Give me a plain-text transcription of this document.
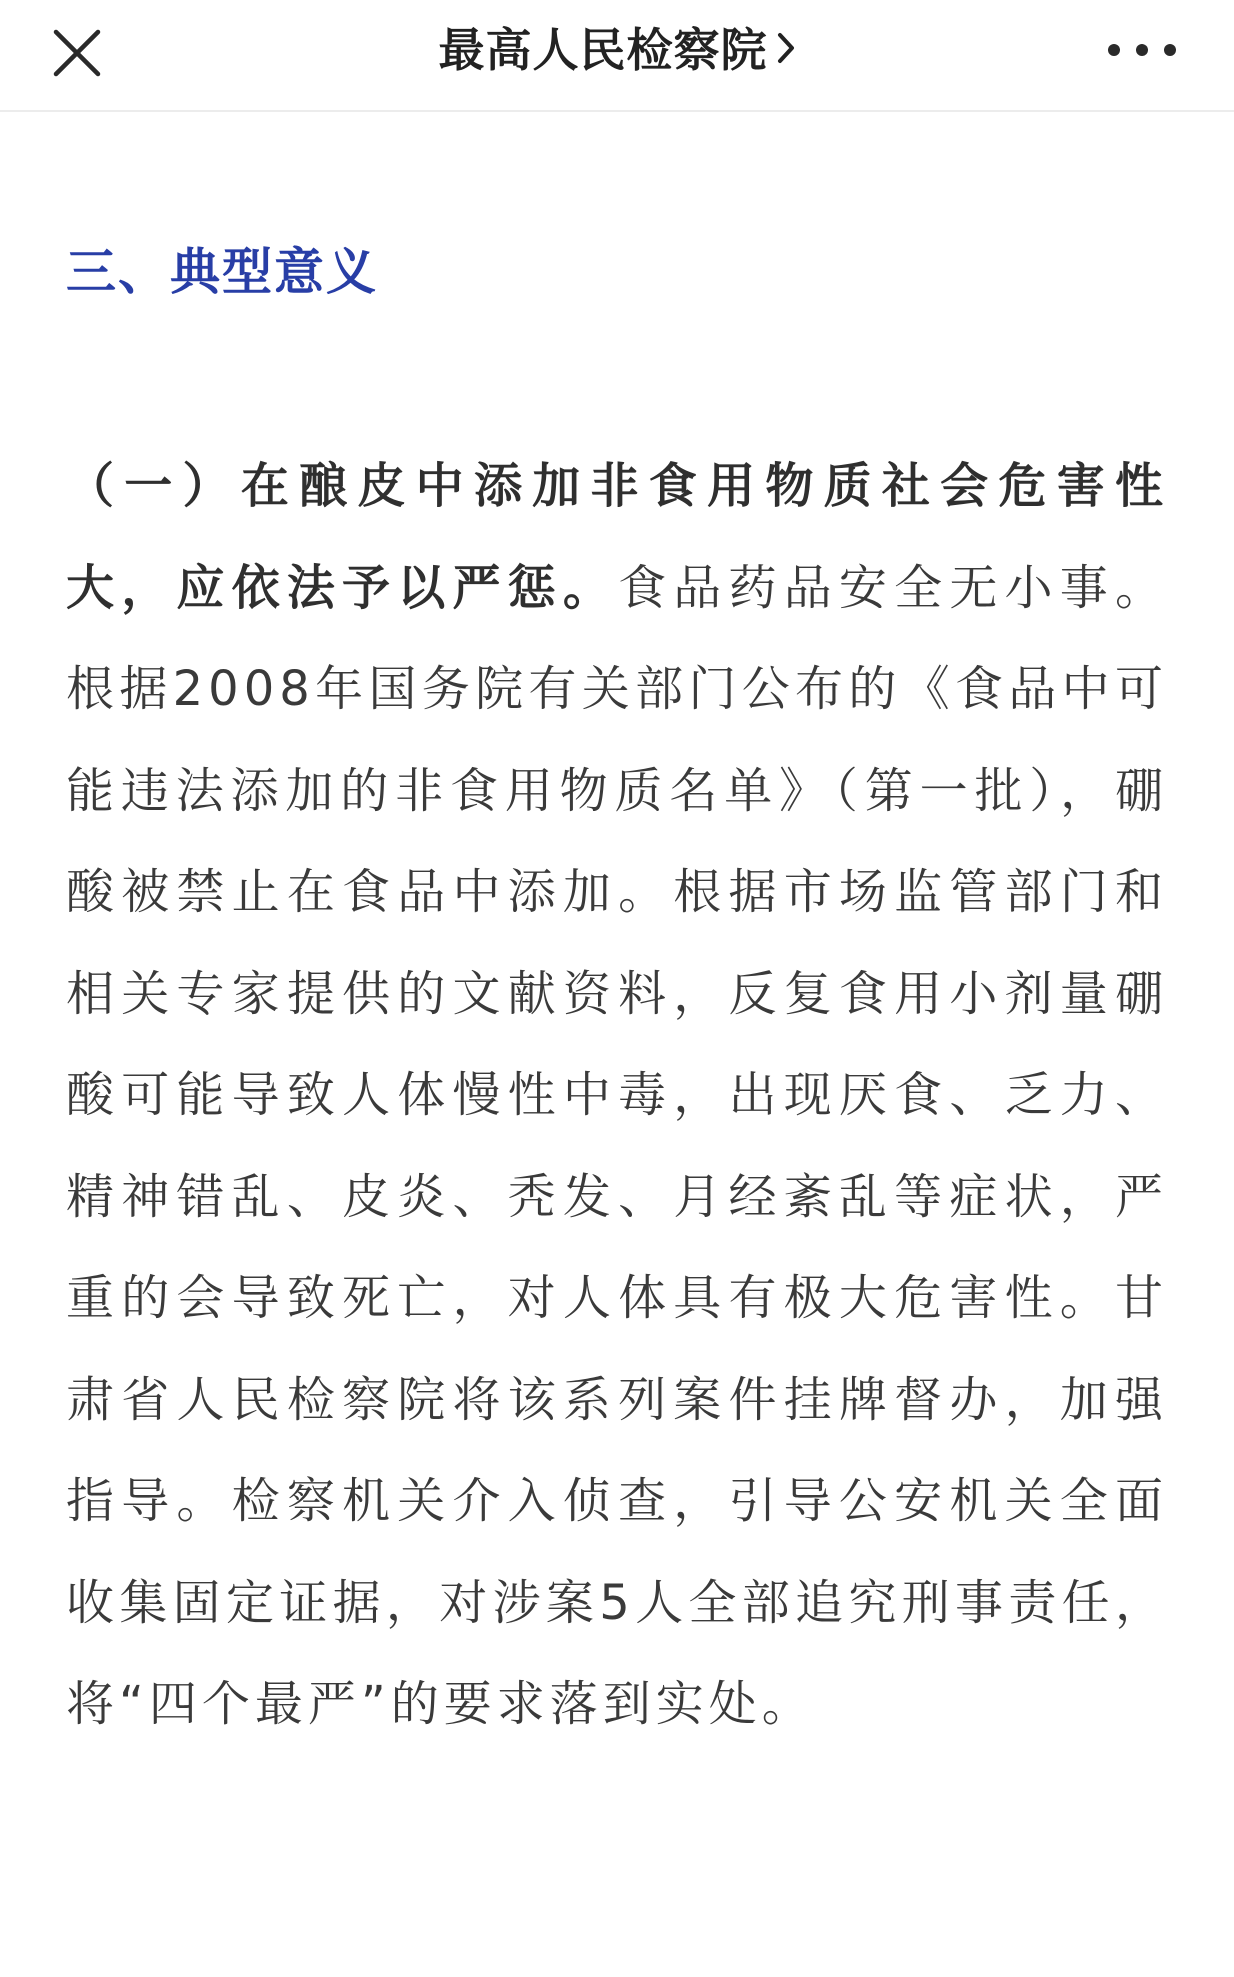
最高人民检察院
三、典型意义

（一）在酿皮中添加非食用物质社会危害性大，应依法予以严惩。食品药品安全无小事。根据2008年国务院有关部门公布的《食品中可能违法添加的非食用物质名单》（第一批），硼酸被禁止在食品中添加。根据市场监管部门和相关专家提供的文献资料，反复食用小剂量硼酸可能导致人体慢性中毒，出现厌食、乏力、精神错乱、皮炎、秃发、月经紊乱等症状，严重的会导致死亡，对人体具有极大危害性。甘肃省人民检察院将该系列案件挂牌督办，加强指导。检察机关介入侦查，引导公安机关全面收集固定证据，对涉案5人全部追究刑事责任，将“四个最严”的要求落到实处。
